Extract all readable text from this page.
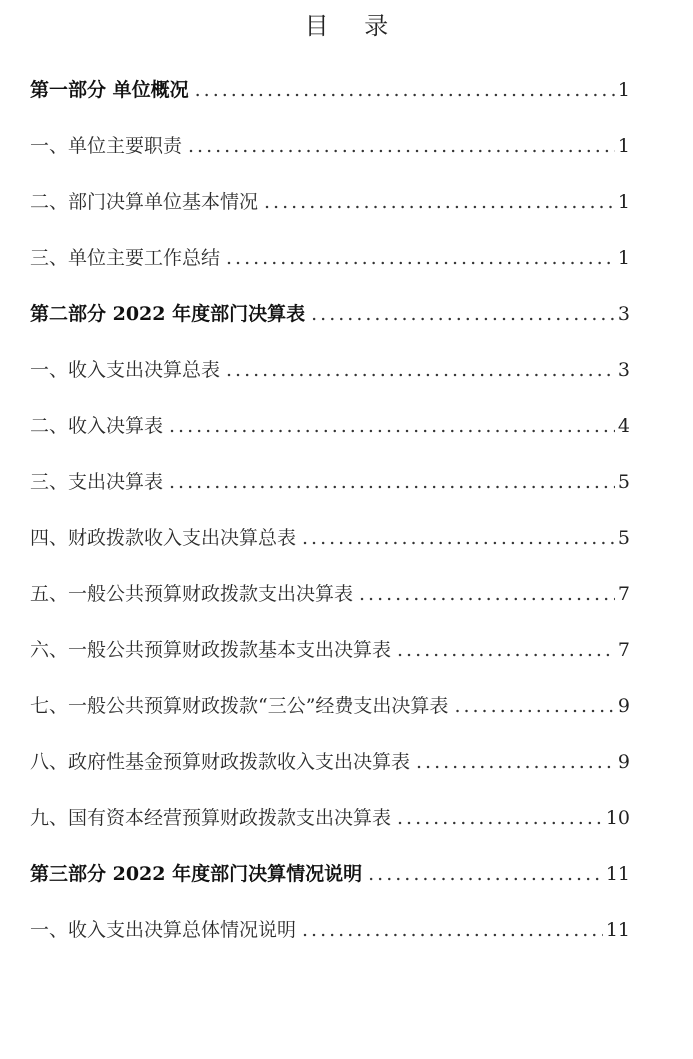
目 录
第一部分 单位概况 .....	1
一、单位主要职责 .....	1
二、部门决算单位基本情况 .....	1
三、单位主要工作总结 .....	1
第二部分 2022 年度部门决算表 .....	3
一、收入支出决算总表 .....	3
二、收入决算表 .....	4
三、支出决算表 .....	5
四、财政拨款收入支出决算总表 .....	5
五、一般公共预算财政拨款支出决算表 .....	7
六、一般公共预算财政拨款基本支出决算表 .....	7
七、一般公共预算财政拨款“三公”经费支出决算表 .....	9
八、政府性基金预算财政拨款收入支出决算表 .....	9
九、国有资本经营预算财政拨款支出决算表 .....	10
第三部分 2022 年度部门决算情况说明 .....	11
一、收入支出决算总体情况说明 .....	11
